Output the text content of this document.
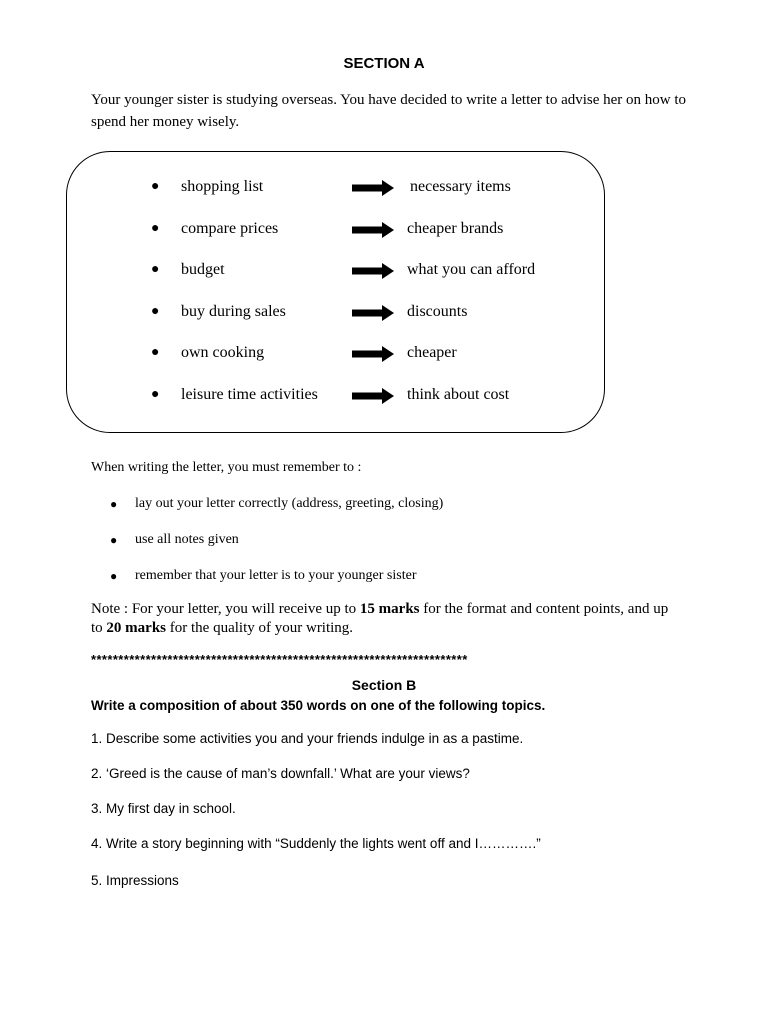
SECTION A
Your younger sister is studying overseas. You have decided to write a letter to advise her on how to spend her money wisely.
● shopping list	necessary items
● compare prices	cheaper brands
● budget	what you can afford
● buy during sales	discounts
● own cooking	cheaper
● leisure time activities	think about cost
When writing the letter, you must remember to :
● lay out your letter correctly (address, greeting, closing)
● use all notes given
● remember that your letter is to your younger sister
Note : For your letter, you will receive up to 15 marks for the format and content points, and up to 20 marks for the quality of your writing.
*********************************************************************
Section B
Write a composition of about 350 words on one of the following topics.
1. Describe some activities you and your friends indulge in as a pastime.
2. ‘Greed is the cause of man’s downfall.’ What are your views?
3. My first day in school.
4. Write a story beginning with “Suddenly the lights went off and I………….”
5. Impressions
